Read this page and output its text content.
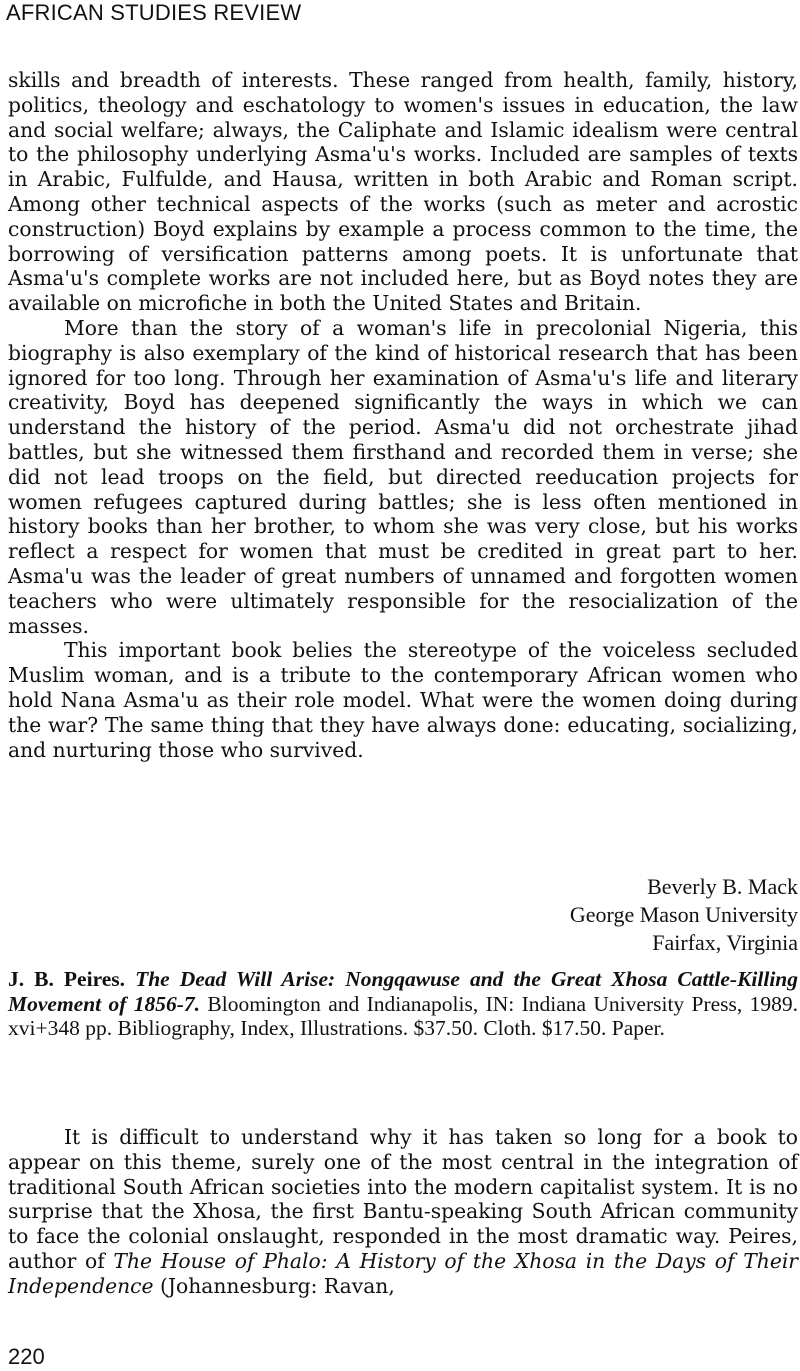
AFRICAN STUDIES REVIEW

skills and breadth of interests. These ranged from health, family, history, politics, theology and eschatology to women's issues in education, the law and social welfare; always, the Caliphate and Islamic idealism were central to the philosophy underlying Asma'u's works. Included are samples of texts in Arabic, Fulfulde, and Hausa, written in both Arabic and Roman script. Among other technical aspects of the works (such as meter and acrostic construction) Boyd explains by example a process common to the time, the borrowing of versification patterns among poets. It is unfortunate that Asma'u's complete works are not included here, but as Boyd notes they are available on microfiche in both the United States and Britain.

More than the story of a woman's life in precolonial Nigeria, this biography is also exemplary of the kind of historical research that has been ignored for too long. Through her examination of Asma'u's life and literary creativity, Boyd has deepened significantly the ways in which we can understand the history of the period. Asma'u did not orchestrate jihad battles, but she witnessed them firsthand and recorded them in verse; she did not lead troops on the field, but directed reeducation projects for women refugees captured during battles; she is less often mentioned in history books than her brother, to whom she was very close, but his works reflect a respect for women that must be credited in great part to her. Asma'u was the leader of great numbers of unnamed and forgotten women teachers who were ultimately responsible for the resocialization of the masses.

This important book belies the stereotype of the voiceless secluded Muslim woman, and is a tribute to the contemporary African women who hold Nana Asma'u as their role model. What were the women doing during the war? The same thing that they have always done: educating, socializing, and nurturing those who survived.

Beverly B. Mack
George Mason University
Fairfax, Virginia
J. B. Peires. The Dead Will Arise: Nongqawuse and the Great Xhosa Cattle-Killing Movement of 1856-7. Bloomington and Indianapolis, IN: Indiana University Press, 1989. xvi+348 pp. Bibliography, Index, Illustrations. $37.50. Cloth. $17.50. Paper.

It is difficult to understand why it has taken so long for a book to appear on this theme, surely one of the most central in the integration of traditional South African societies into the modern capitalist system. It is no surprise that the Xhosa, the first Bantu-speaking South African community to face the colonial onslaught, responded in the most dramatic way. Peires, author of The House of Phalo: A History of the Xhosa in the Days of Their Independence (Johannesburg: Ravan,

220
